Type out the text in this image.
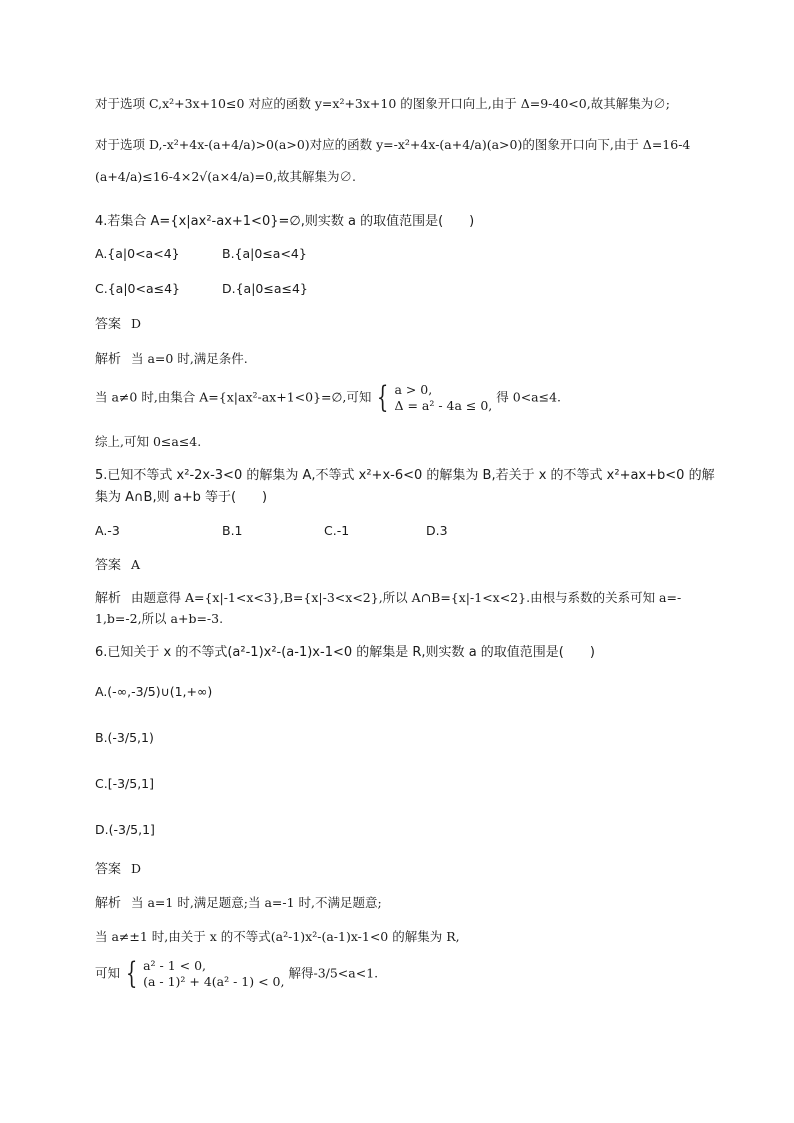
对于选项 C,x²+3x+10≤0 对应的函数 y=x²+3x+10 的图象开口向上,由于 Δ=9-40<0,故其解集为∅;
对于选项 D,-x²+4x-(a+4/a)>0(a>0)对应的函数 y=-x²+4x-(a+4/a)(a>0)的图象开口向下,由于 Δ=16-4
(a+4/a)≤16-4×2√(a×4/a)=0,故其解集为∅.
4.若集合 A={x|ax²-ax+1<0}=∅,则实数 a 的取值范围是(　　)
A.{a|0<a<4}	B.{a|0≤a<4}
C.{a|0<a≤4}	D.{a|0≤a≤4}
答案 D
解析 当 a=0 时,满足条件.
当 a≠0 时,由集合 A={x|ax²-ax+1<0}=∅,可知 { a > 0,
Δ = a² - 4a ≤ 0,
得 0<a≤4.
综上,可知 0≤a≤4.
5.已知不等式 x²-2x-3<0 的解集为 A,不等式 x²+x-6<0 的解集为 B,若关于 x 的不等式 x²+ax+b<0 的解
集为 A∩B,则 a+b 等于(　　)
A.-3	B.1	C.-1	D.3
答案 A
解析 由题意得 A={x|-1<x<3},B={x|-3<x<2},所以 A∩B={x|-1<x<2}.由根与系数的关系可知 a=-
1,b=-2,所以 a+b=-3.
6.已知关于 x 的不等式(a²-1)x²-(a-1)x-1<0 的解集是 R,则实数 a 的取值范围是(　　)
A.(-∞,-3/5)∪(1,+∞)
B.(-3/5,1)
C.[-3/5,1]
D.(-3/5,1]
答案 D
解析 当 a=1 时,满足题意;当 a=-1 时,不满足题意;
当 a≠±1 时,由关于 x 的不等式(a²-1)x²-(a-1)x-1<0 的解集为 R,
可知 { a² - 1 < 0,
(a - 1)² + 4(a² - 1) < 0,
解得-3/5<a<1.
